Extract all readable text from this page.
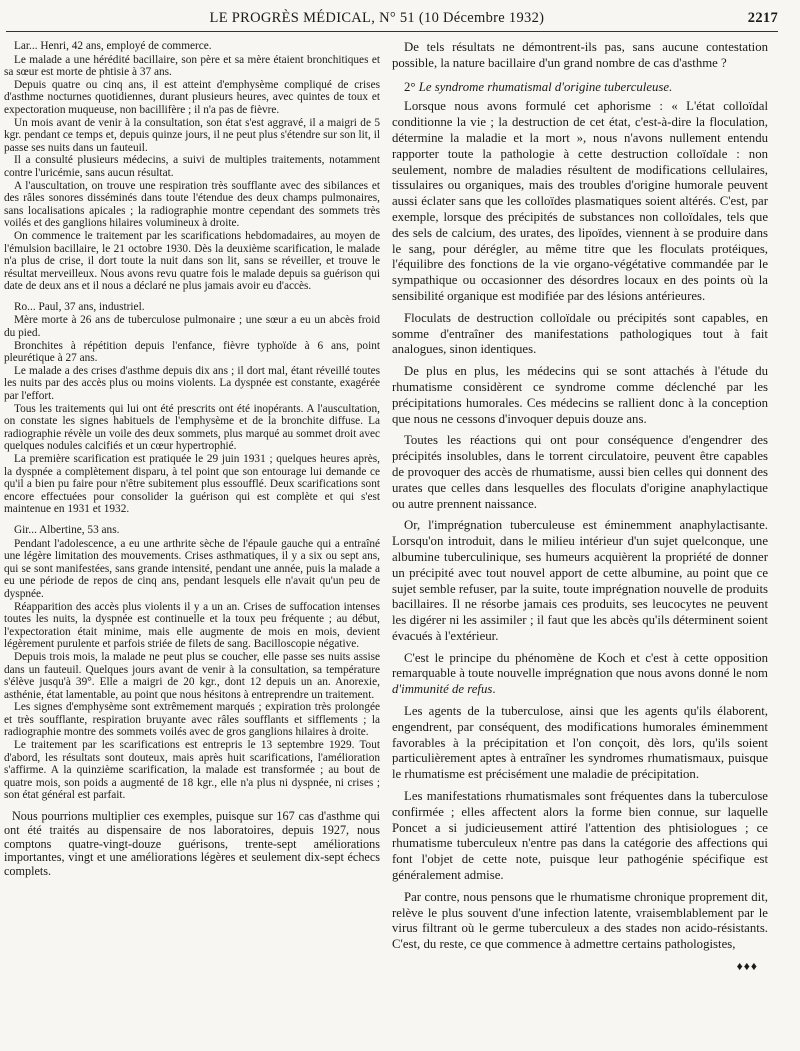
LE PROGRÈS MÉDICAL, N° 51 (10 Décembre 1932)	2217

Lar... Henri, 42 ans, employé de commerce.

Le malade a une hérédité bacillaire, son père et sa mère étaient bronchitiques et sa sœur est morte de phtisie à 37 ans.

Depuis quatre ou cinq ans, il est atteint d'emphysème compliqué de crises d'asthme nocturnes quotidiennes, durant plusieurs heures, avec quintes de toux et expectoration muqueuse, non bacillifère ; il n'a pas de fièvre.

Un mois avant de venir à la consultation, son état s'est aggravé, il a maigri de 5 kgr. pendant ce temps et, depuis quinze jours, il ne peut plus s'étendre sur son lit, il passe ses nuits dans un fauteuil.

Il a consulté plusieurs médecins, a suivi de multiples traitements, notamment contre l'uricémie, sans aucun résultat.

A l'auscultation, on trouve une respiration très soufflante avec des sibilances et des râles sonores disséminés dans toute l'étendue des deux champs pulmonaires, sans localisations apicales ; la radiographie montre cependant des sommets très voilés et des ganglions hilaires volumineux à droite.

On commence le traitement par les scarifications hebdomadaires, au moyen de l'émulsion bacillaire, le 21 octobre 1930. Dès la deuxième scarification, le malade n'a plus de crise, il dort toute la nuit dans son lit, sans se réveiller, et trouve le résultat merveilleux. Nous avons revu quatre fois le malade depuis sa guérison qui date de deux ans et il nous a déclaré ne plus jamais avoir eu d'accès.

Ro... Paul, 37 ans, industriel.

Mère morte à 26 ans de tuberculose pulmonaire ; une sœur a eu un abcès froid du pied.

Bronchites à répétition depuis l'enfance, fièvre typhoïde à 6 ans, point pleurétique à 27 ans.

Le malade a des crises d'asthme depuis dix ans ; il dort mal, étant réveillé toutes les nuits par des accès plus ou moins violents. La dyspnée est constante, exagérée par l'effort.

Tous les traitements qui lui ont été prescrits ont été inopérants. A l'auscultation, on constate les signes habituels de l'emphysème et de la bronchite diffuse. La radiographie révèle un voile des deux sommets, plus marqué au sommet droit avec quelques nodules calcifiés et un cœur hypertrophié.

La première scarification est pratiquée le 29 juin 1931 ; quelques heures après, la dyspnée a complètement disparu, à tel point que son entourage lui demande ce qu'il a bien pu faire pour n'être subitement plus essoufflé. Deux scarifications sont encore effectuées pour consolider la guérison qui est complète et qui s'est maintenue en 1931 et 1932.

Gir... Albertine, 53 ans.

Pendant l'adolescence, a eu une arthrite sèche de l'épaule gauche qui a entraîné une légère limitation des mouvements. Crises asthmatiques, il y a six ou sept ans, qui se sont manifestées, sans grande intensité, pendant une année, puis la malade a eu une période de repos de cinq ans, pendant lesquels elle n'avait qu'un peu de dyspnée.

Réapparition des accès plus violents il y a un an. Crises de suffocation intenses toutes les nuits, la dyspnée est continuelle et la toux peu fréquente ; au début, l'expectoration était minime, mais elle augmente de mois en mois, devient légèrement purulente et parfois striée de filets de sang. Bacilloscopie négative.

Depuis trois mois, la malade ne peut plus se coucher, elle passe ses nuits assise dans un fauteuil. Quelques jours avant de venir à la consultation, sa température s'élève jusqu'à 39°. Elle a maigri de 20 kgr., dont 12 depuis un an. Anorexie, asthénie, état lamentable, au point que nous hésitons à entreprendre un traitement.

Les signes d'emphysème sont extrêmement marqués ; expiration très prolongée et très soufflante, respiration bruyante avec râles soufflants et sifflements ; la radiographie montre des sommets voilés avec de gros ganglions hilaires à droite.

Le traitement par les scarifications est entrepris le 13 septembre 1929. Tout d'abord, les résultats sont douteux, mais après huit scarifications, l'amélioration s'affirme. A la quinzième scarification, la malade est transformée ; au bout de quatre mois, son poids a augmenté de 18 kgr., elle n'a plus ni dyspnée, ni crises ; son état général est parfait.

Nous pourrions multiplier ces exemples, puisque sur 167 cas d'asthme qui ont été traités au dispensaire de nos laboratoires, depuis 1927, nous comptons quatre-vingt-douze guérisons, trente-sept améliorations importantes, vingt et une améliorations légères et seulement dix-sept échecs complets.

De tels résultats ne démontrent-ils pas, sans aucune contestation possible, la nature bacillaire d'un grand nombre de cas d'asthme ?

2° Le syndrome rhumatismal d'origine tuberculeuse.

Lorsque nous avons formulé cet aphorisme : « L'état colloïdal conditionne la vie ; la destruction de cet état, c'est-à-dire la floculation, détermine la maladie et la mort », nous n'avons nullement entendu rapporter toute la pathologie à cette destruction colloïdale : non seulement, nombre de maladies résultent de modifications cellulaires, tissulaires ou organiques, mais des troubles d'origine humorale peuvent aussi éclater sans que les colloïdes plasmatiques soient altérés. C'est, par exemple, lorsque des précipités de substances non colloïdales, tels que des sels de calcium, des urates, des lipoïdes, viennent à se produire dans le sang, pour dérégler, au même titre que les floculats protéiques, l'équilibre des fonctions de la vie organo-végétative commandée par le sympathique ou occasionner des désordres locaux en des points où la sensibilité organique est modifiée par des lésions antérieures.

Floculats de destruction colloïdale ou précipités sont capables, en somme d'entraîner des manifestations pathologiques tout à fait analogues, sinon identiques.

De plus en plus, les médecins qui se sont attachés à l'étude du rhumatisme considèrent ce syndrome comme déclenché par les précipitations humorales. Ces médecins se rallient donc à la conception que nous ne cessons d'invoquer depuis douze ans.

Toutes les réactions qui ont pour conséquence d'engendrer des précipités insolubles, dans le torrent circulatoire, peuvent être capables de provoquer des accès de rhumatisme, aussi bien celles qui donnent des urates que celles dans lesquelles des floculats d'origine anaphylactique ou autre prennent naissance.

Or, l'imprégnation tuberculeuse est éminemment anaphylactisante. Lorsqu'on introduit, dans le milieu intérieur d'un sujet quelconque, une albumine tuberculinique, ses humeurs acquièrent la propriété de donner un précipité avec tout nouvel apport de cette albumine, au point que ce sujet semble refuser, par la suite, toute imprégnation nouvelle de produits bacillaires. Il ne résorbe jamais ces produits, ses leucocytes ne peuvent les digérer ni les assimiler ; il faut que les abcès qu'ils déterminent soient évacués à l'extérieur.

C'est le principe du phénomène de Koch et c'est à cette opposition remarquable à toute nouvelle imprégnation que nous avons donné le nom d'immunité de refus.

Les agents de la tuberculose, ainsi que les agents qu'ils élaborent, engendrent, par conséquent, des modifications humorales éminemment favorables à la précipitation et l'on conçoit, dès lors, qu'ils soient particulièrement aptes à entraîner les syndromes rhumatismaux, puisque le rhumatisme est précisément une maladie de précipitation.

Les manifestations rhumatismales sont fréquentes dans la tuberculose confirmée ; elles affectent alors la forme bien connue, sur laquelle Poncet a si judicieusement attiré l'attention des phtisiologues ; ce rhumatisme tuberculeux n'entre pas dans la catégorie des affections qui font l'objet de cette note, puisque leur pathogénie spécifique est généralement admise.

Par contre, nous pensons que le rhumatisme chronique proprement dit, relève le plus souvent d'une infection latente, vraisemblablement par le virus filtrant où le germe tuberculeux a des stades non acido-résistants. C'est, du reste, ce que commence à admettre certains pathologistes,

♦♦♦
